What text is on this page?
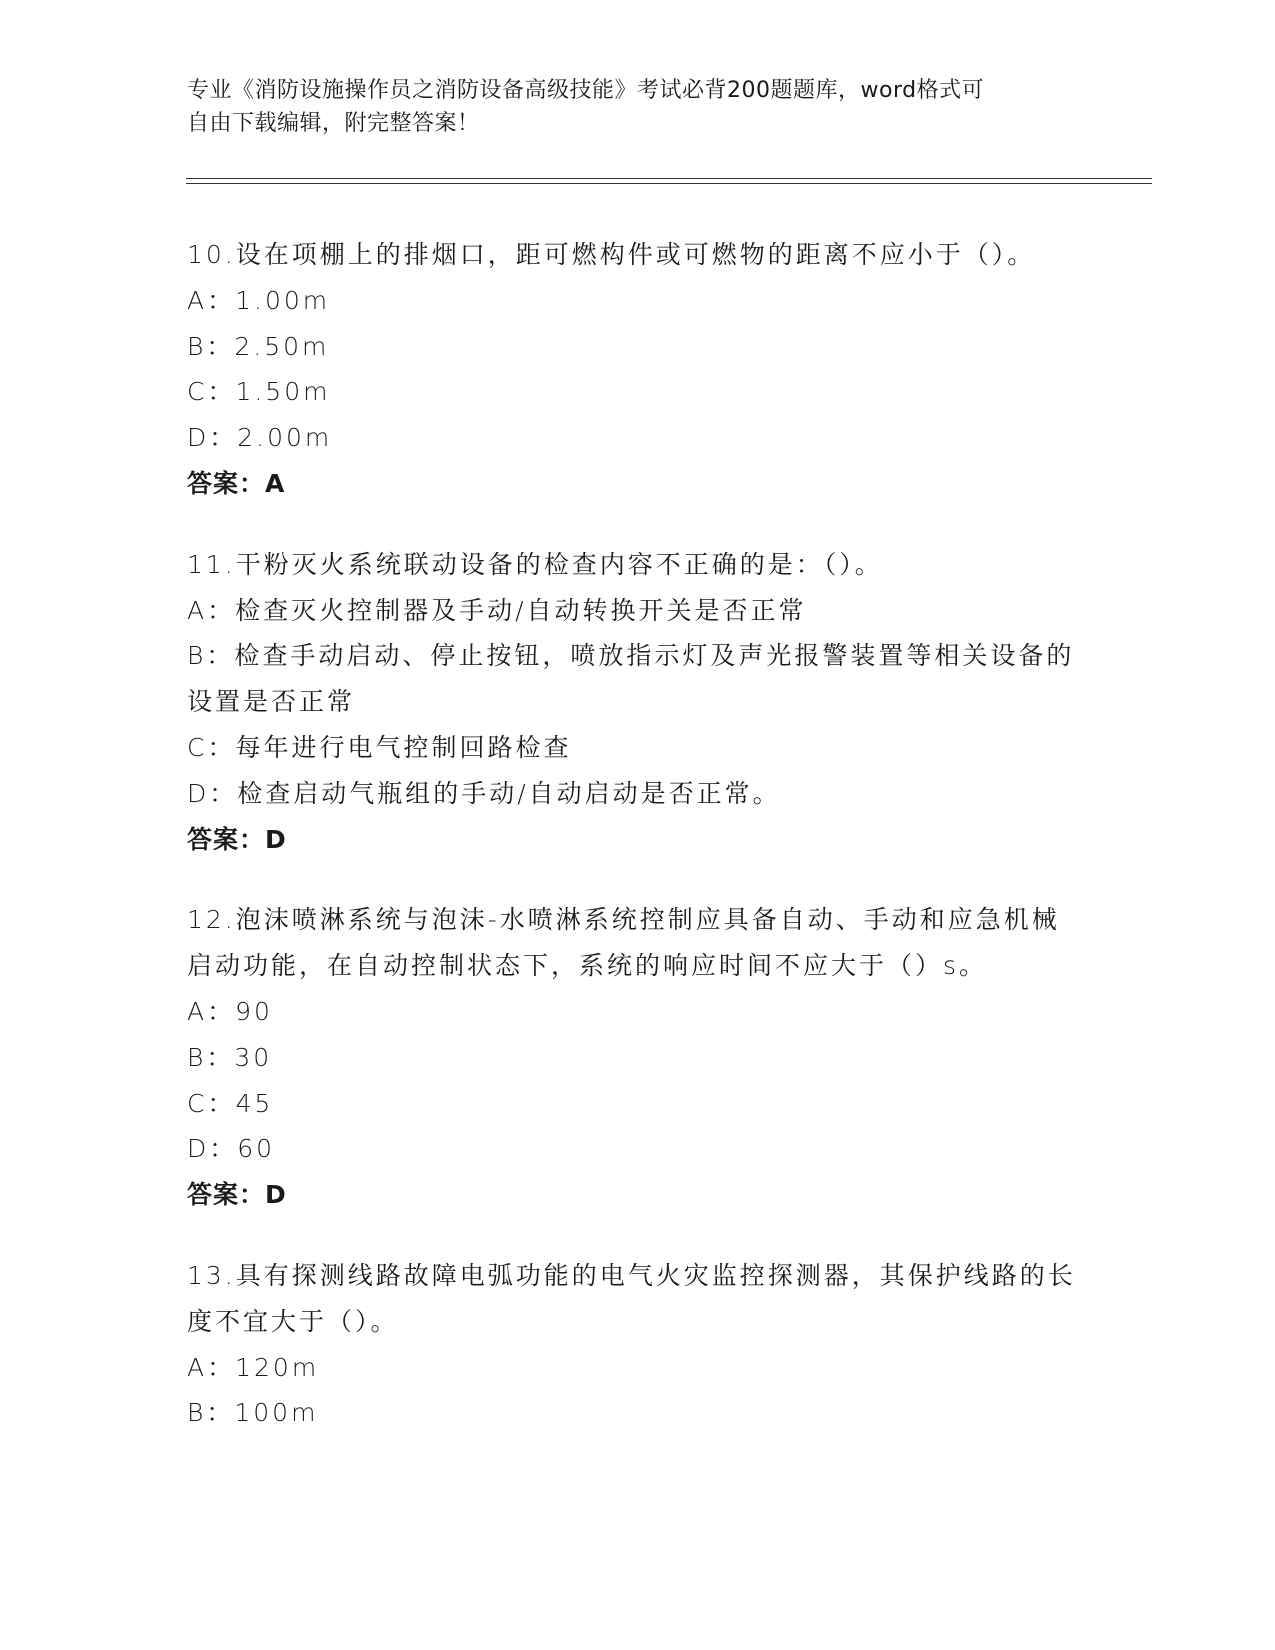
专业《消防设施操作员之消防设备高级技能》考试必背200题题库，word格式可
自由下载编辑，附完整答案！

10.设在项棚上的排烟口，距可燃构件或可燃物的距离不应小于（）。

A：1.00m

B：2.50m

C：1.50m

D：2.00m

答案：A

11.干粉灭火系统联动设备的检查内容不正确的是：（）。

A：检查灭火控制器及手动/自动转换开关是否正常

B：检查手动启动、停止按钮，喷放指示灯及声光报警装置等相关设备的设置是否正常

C：每年进行电气控制回路检查

D：检查启动气瓶组的手动/自动启动是否正常。

答案：D

12.泡沫喷淋系统与泡沫-水喷淋系统控制应具备自动、手动和应急机械启动功能，在自动控制状态下，系统的响应时间不应大于（）s。

A：90

B：30

C：45

D：60

答案：D

13.具有探测线路故障电弧功能的电气火灾监控探测器，其保护线路的长度不宜大于（）。

A：120m

B：100m
